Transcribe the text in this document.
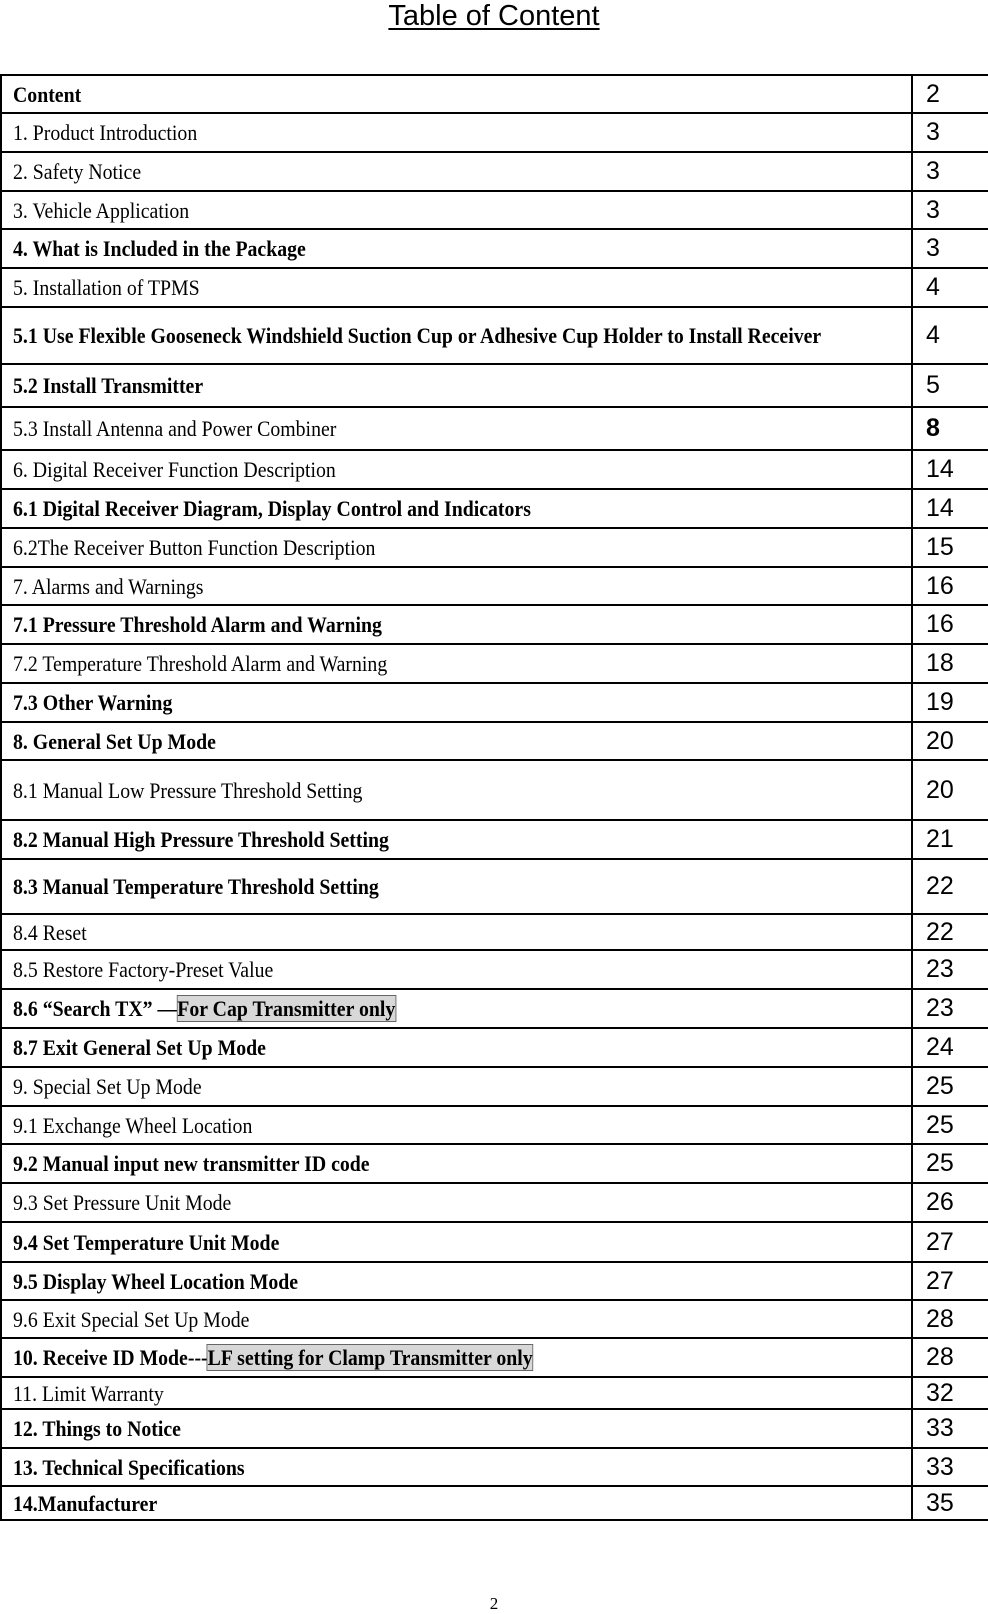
Table of Content
Content	2
1. Product Introduction	3
2. Safety Notice	3
3. Vehicle Application	3
4. What is Included in the Package	3
5. Installation of TPMS	4
5.1 Use Flexible Gooseneck Windshield Suction Cup or Adhesive Cup Holder to Install Receiver	4
5.2 Install Transmitter	5
5.3 Install Antenna and Power Combiner	8
6. Digital Receiver Function Description	14
6.1 Digital Receiver Diagram, Display Control and Indicators	14
6.2The Receiver Button Function Description	15
7. Alarms and Warnings	16
7.1 Pressure Threshold Alarm and Warning	16
7.2 Temperature Threshold Alarm and Warning	18
7.3 Other Warning	19
8. General Set Up Mode	20
8.1 Manual Low Pressure Threshold Setting	20
8.2 Manual High Pressure Threshold Setting	21
8.3 Manual Temperature Threshold Setting	22
8.4 Reset	22
8.5 Restore Factory-Preset Value	23
8.6 “Search TX” —For Cap Transmitter only	23
8.7 Exit General Set Up Mode	24
9. Special Set Up Mode	25
9.1 Exchange Wheel Location	25
9.2 Manual input new transmitter ID code	25
9.3 Set Pressure Unit Mode	26
9.4 Set Temperature Unit Mode	27
9.5 Display Wheel Location Mode	27
9.6 Exit Special Set Up Mode	28
10. Receive ID Mode---LF setting for Clamp Transmitter only	28
11. Limit Warranty	32
12. Things to Notice	33
13. Technical Specifications	33
14.Manufacturer	35
2
